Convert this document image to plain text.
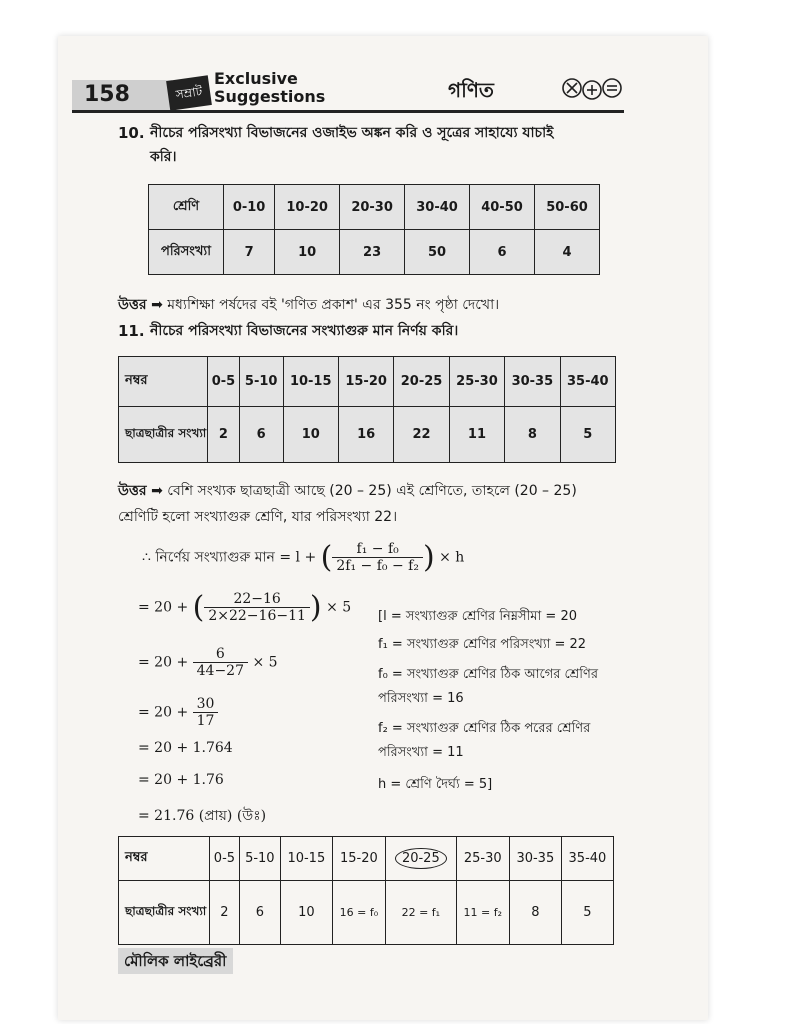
158	সম্রাট
Exclusive
Suggestions	গণিত
10. নীচের পরিসংখ্যা বিভাজনের ওজাইভ অঙ্কন করি ও সূত্রের সাহায্যে যাচাই
করি।
শ্রেণি	0-10	10-20	20-30	30-40	40-50	50-60
পরিসংখ্যা	7	10	23	50	6	4
উত্তর ➡ মধ্যশিক্ষা পর্ষদের বই 'গণিত প্রকাশ' এর 355 নং পৃষ্ঠা দেখো।
11. নীচের পরিসংখ্যা বিভাজনের সংখ্যাগুরু মান নির্ণয় করি।
নম্বর	0-5	5-10	10-15	15-20	20-25	25-30	30-35	35-40
ছাত্রছাত্রীর সংখ্যা	2	6	10	16	22	11	8	5
উত্তর ➡ বেশি সংখ্যক ছাত্রছাত্রী আছে (20 – 25) এই শ্রেণিতে, তাহলে (20 – 25)
শ্রেণিটি হলো সংখ্যাগুরু শ্রেণি, যার পরিসংখ্যা 22।
∴ নির্ণেয় সংখ্যাগুরু মান = l + ( $\frac{\text{f₁ − f₀}}{\text{2f₁ − f₀ − f₂}}$ ) × h
= 20 + ( $\frac{22-16}{2\times 22-16-11}$ ) × 5
= $20 + \frac{6}{44-27} \times 5$
= $20 + \frac{30}{17}$
= 20 + 1.764
= 20 + 1.76
= 21.76 (প্রায়) (উঃ)
[l = সংখ্যাগুরু শ্রেণির নিম্নসীমা = 20
f₁ = সংখ্যাগুরু শ্রেণির পরিসংখ্যা = 22
f₀ = সংখ্যাগুরু শ্রেণির ঠিক আগের শ্রেণির
পরিসংখ্যা = 16
f₂ = সংখ্যাগুরু শ্রেণির ঠিক পরের শ্রেণির
পরিসংখ্যা = 11
h = শ্রেণি দৈর্ঘ্য = 5]
নম্বর	0-5	5-10	10-15	15-20	20-25	25-30	30-35	35-40
ছাত্রছাত্রীর সংখ্যা	2	6	10	16 = f₀	22 = f₁	11 = f₂	8	5
মৌলিক লাইব্রেরী
